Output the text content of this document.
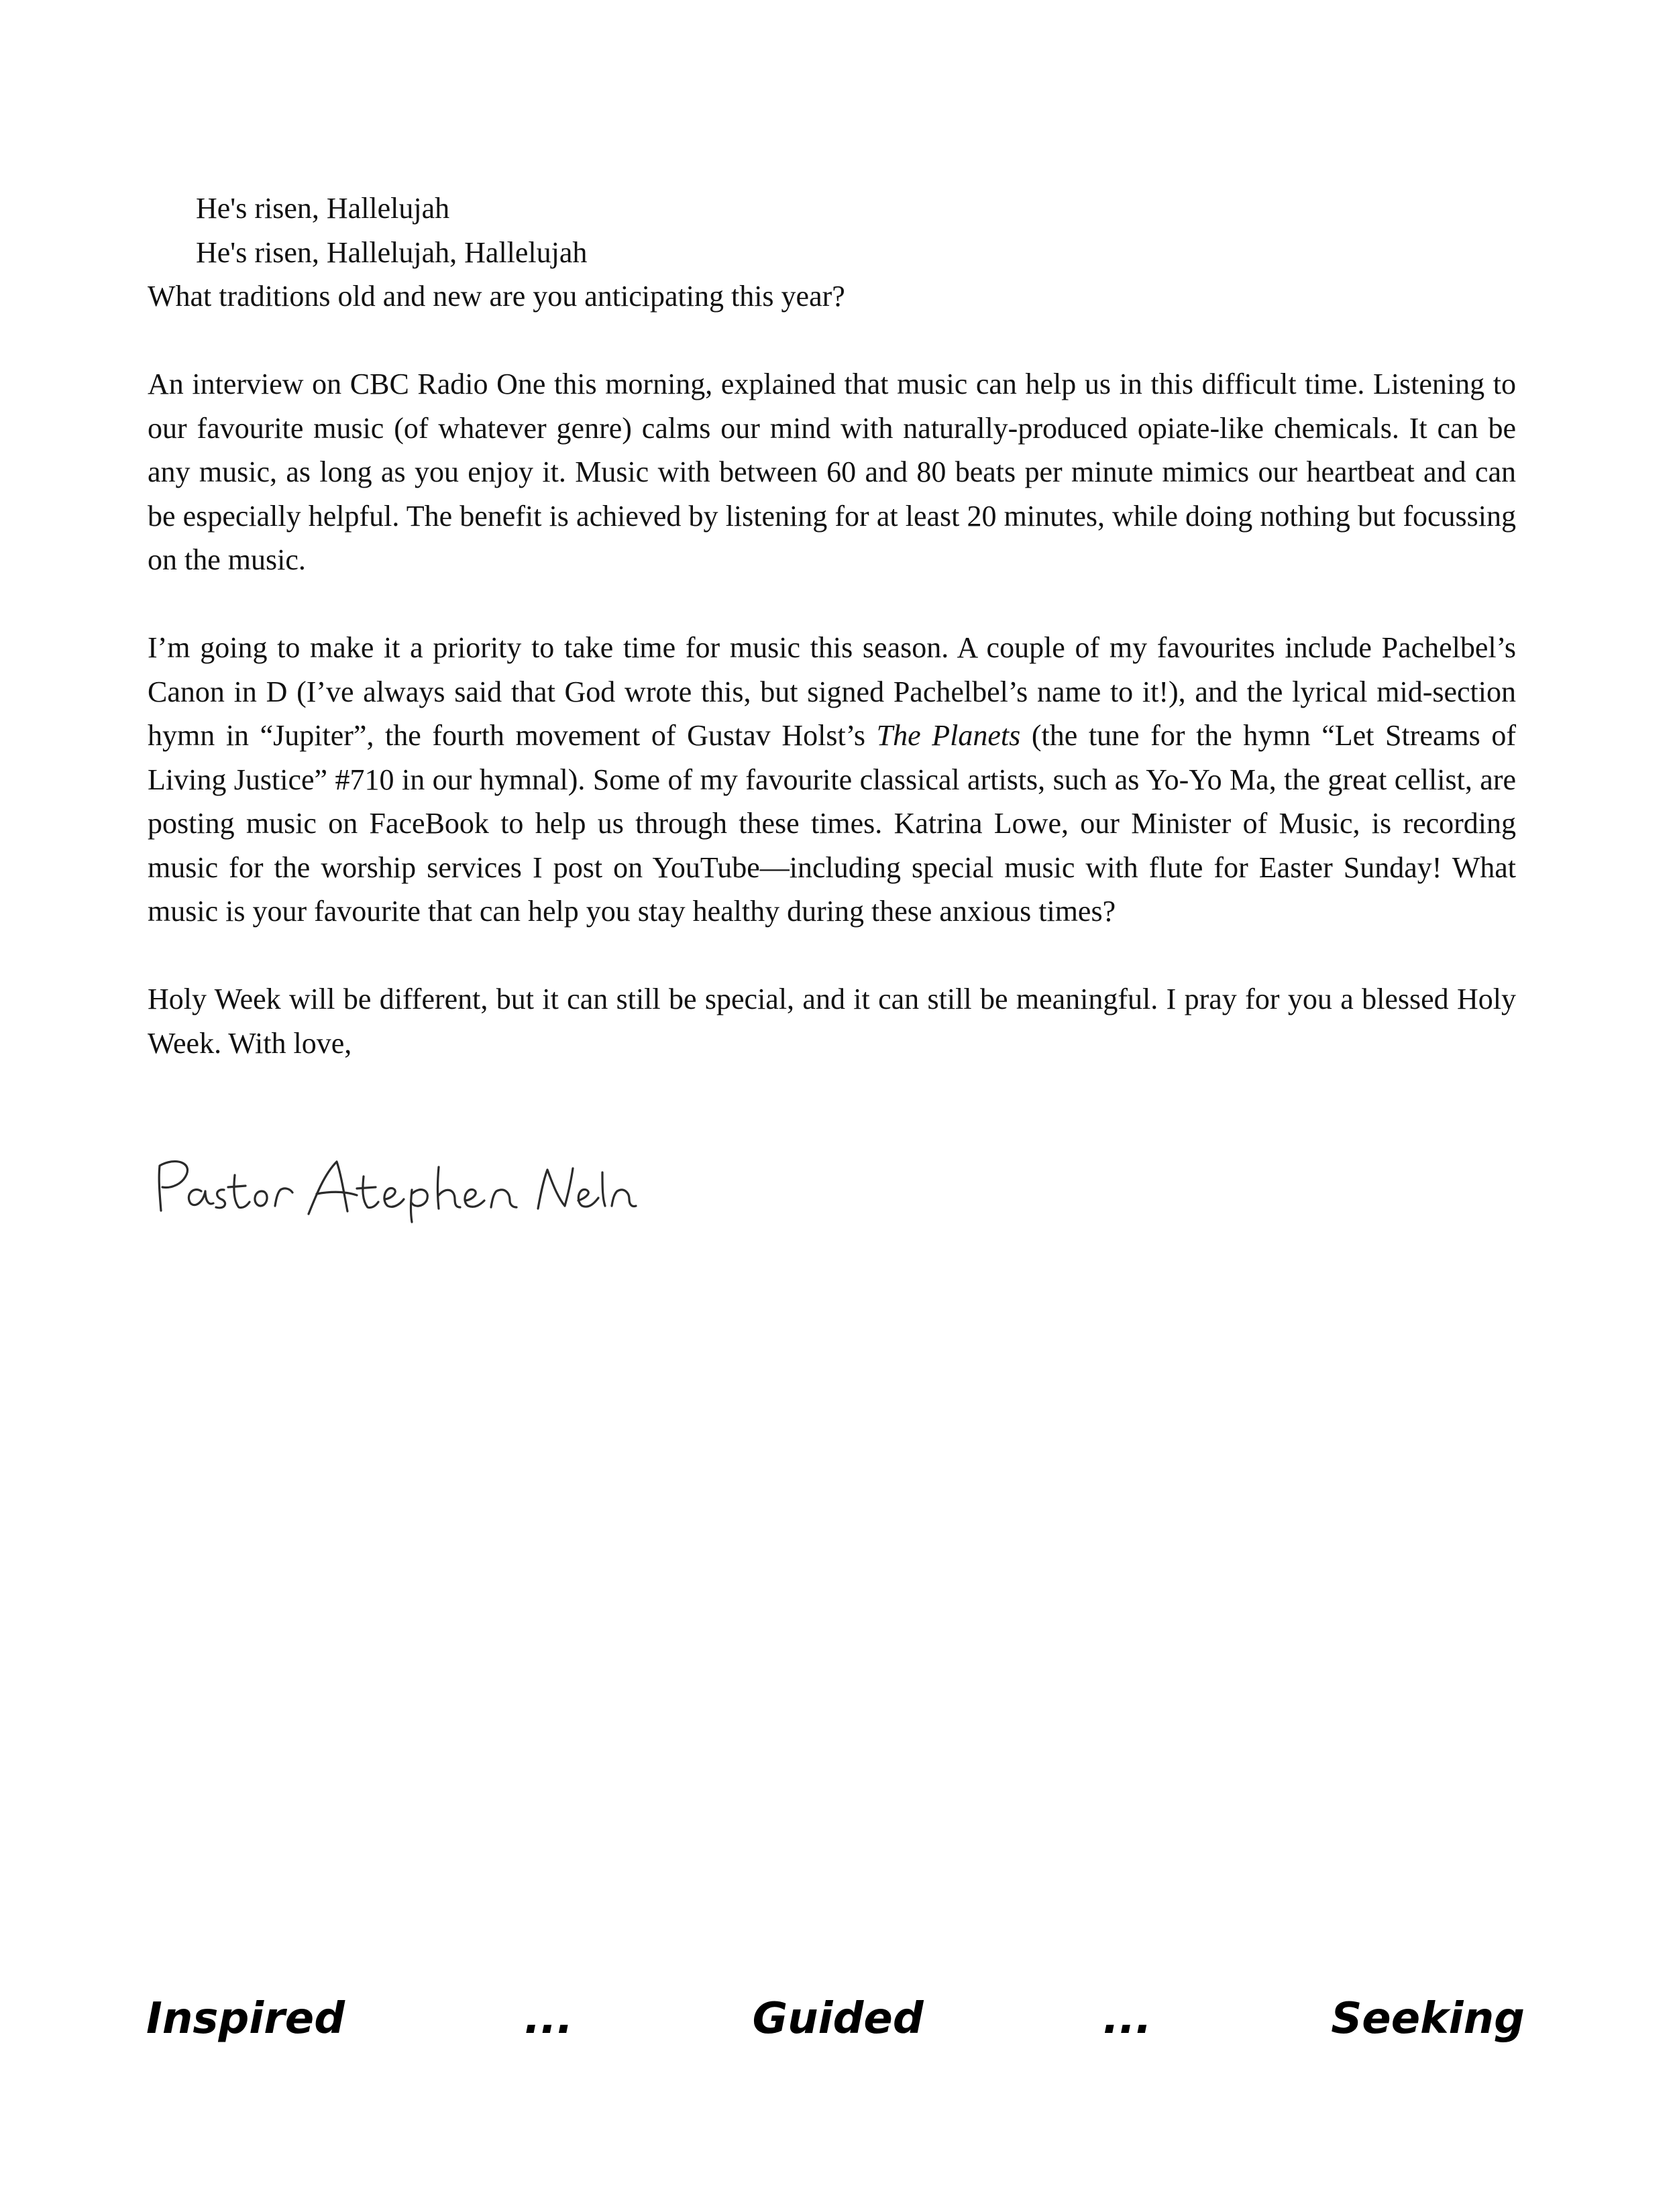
He's risen, Hallelujah

He's risen, Hallelujah, Hallelujah

What traditions old and new are you anticipating this year?

An interview on CBC Radio One this morning, explained that music can help us in this difficult time. Listening to our favourite music (of whatever genre) calms our mind with naturally-produced opiate-like chemicals. It can be any music, as long as you enjoy it. Music with between 60 and 80 beats per minute mimics our heartbeat and can be especially helpful. The benefit is achieved by listening for at least 20 minutes, while doing nothing but focussing on the music.

I’m going to make it a priority to take time for music this season. A couple of my favourites include Pachelbel’s Canon in D (I’ve always said that God wrote this, but signed Pachelbel’s name to it!), and the lyrical mid-section hymn in “Jupiter”, the fourth movement of Gustav Holst’s The Planets (the tune for the hymn “Let Streams of Living Justice” #710 in our hymnal). Some of my favourite classical artists, such as Yo-Yo Ma, the great cellist, are posting music on FaceBook to help us through these times. Katrina Lowe, our Minister of Music, is recording music for the worship services I post on YouTube—including special music with flute for Easter Sunday! What music is your favourite that can help you stay healthy during these anxious times?

Holy Week will be different, but it can still be special, and it can still be meaningful. I pray for you a blessed Holy Week. With love,

Inspired	...	Guided	...	Seeking
